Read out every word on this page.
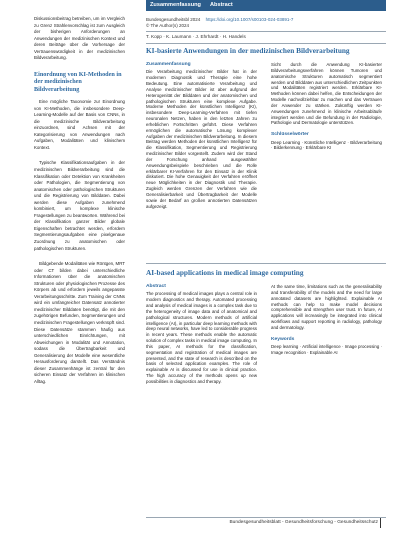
Diskussionsbeitrag betreiben, um im Vergleich zu Grenz Strahlenvorschlag ist zum Ausgleich der bisherigen Anforderungen an Anwendungen der medizinischen Kontext und deren Beiträge über die Vorhersage der Vertrauenswürdigkeit in der medizinischen Bildverarbeitung.

Einordnung von KI-Methoden in der medizinischen Bildverarbeitung

Eine mögliche Taxonomie zur Einordnung von KI-Methoden, die insbesondere Deep-Learning-Modelle auf der Basis von CNNs, in die medizinische Bildverarbeitung einzuordnen, sind Achsen mit der Kategorisierung von Anwendungen nach Aufgaben, Modalitäten und klinischem Kontext.

Typische Klassifikationsaufgaben in der medizinischen Bildverarbeitung sind die Klassifikation oder Detektion von Krankheiten oder Pathologien, die Segmentierung von anatomischen oder pathologischen Strukturen und die Registrierung von Bilddaten. Dabei werden diese Aufgaben zunehmend kombiniert, um komplexe klinische Fragestellungen zu beantworten. Während bei der Klassifikation ganzer Bilder globale Eigenschaften betrachtet werden, erfordern Segmentierungsaufgaben eine pixelgenaue Zuordnung zu anatomischen oder pathologischen Strukturen.

Bildgebende Modalitäten wie Röntgen, MRT oder CT bilden dabei unterschiedliche Informationen über die anatomischen Strukturen oder physiologischen Prozesse des Körpers ab und erfordern jeweils angepasste Verarbeitungsschritte. Zum Training der CNNs wird ein umfangreicher Datensatz annotierter medizinischer Bilddaten benötigt, die mit den zugehörigen Befunden, Segmentierungen und medizinischen Fragestellungen verknüpft sind. Diese Datensätze stammen häufig aus unterschiedlichen Einrichtungen, mit Abweichungen in Modalität und Annotation, sodass die Übertragbarkeit und Generalisierung der Modelle eine wesentliche Herausforderung darstellt. Das Verständnis dieser Zusammenhänge ist zentral für den sicheren Einsatz der Verfahren im klinischen Alltag.

Zusammenfassung Abstract
Bundesgesundheitsbl 2024 https://doi.org/10.1007/s00103-024-03891-7
© The Author(s) 2024
T. Kopp · K. Laumann · J. Ehrhardt · H. Handels
KI-basierte Anwendungen in der medizinischen Bildverarbeitung
Zusammenfassung

Die Verarbeitung medizinischer Bilder hat in der modernen Diagnostik und Therapie eine hohe Bedeutung. Eine automatisierte Verarbeitung und Analyse medizinischer Bilder ist aber aufgrund der Heterogenität der Bilddaten und der anatomischen und pathologischen Strukturen eine komplexe Aufgabe. Moderne Methoden der künstlichen Intelligenz (KI), insbesondere Deep-Learning-Verfahren mit tiefen neuronalen Netzen, haben in den letzten Jahren zu erheblichen Fortschritten geführt. Diese Verfahren ermöglichen die automatische Lösung komplexer Aufgaben der medizinischen Bildverarbeitung. In diesem Beitrag werden Methoden der künstlichen Intelligenz für die Klassifikation, Segmentierung und Registrierung medizinischer Bilder vorgestellt. Zudem wird der Stand der Forschung anhand ausgewählter Anwendungsbeispiele beschrieben und die Rolle erklärbarer KI-Verfahren für den Einsatz in der Klinik diskutiert. Die hohe Genauigkeit der Verfahren eröffnet neue Möglichkeiten in der Diagnostik und Therapie. Zugleich werden Grenzen der Verfahren wie die Generalisierbarkeit und Übertragbarkeit der Modelle sowie der Bedarf an großen annotierten Datensätzen aufgezeigt.

Sicht durch die Anwendung KI-basierter Bildverarbeitungsverfahren können Tumoren und anatomische Strukturen automatisch segmentiert werden und Bilddaten aus unterschiedlichen Zeitpunkten und Modalitäten registriert werden. Erklärbare KI-Methoden können dabei helfen, die Entscheidungen der Modelle nachvollziehbar zu machen und das Vertrauen der Anwender zu stärken. Zukünftig werden KI-Anwendungen zunehmend in klinische Arbeitsabläufe integriert werden und die Befundung in der Radiologie, Pathologie und Dermatologie unterstützen.

Schlüsselwörter

Deep Learning · Künstliche Intelligenz · Bildverarbeitung · Bilderkennung · Erklärbare KI

AI-based applications in medical image computing
Abstract

The processing of medical images plays a central role in modern diagnostics and therapy. Automated processing and analysis of medical images is a complex task due to the heterogeneity of image data and of anatomical and pathological structures. Modern methods of artificial intelligence (AI), in particular deep learning methods with deep neural networks, have led to considerable progress in recent years. These methods enable the automatic solution of complex tasks in medical image computing. In this paper, AI methods for the classification, segmentation and registration of medical images are presented, and the state of research is described on the basis of selected application examples. The role of explainable AI is discussed for use in clinical practice. The high accuracy of the methods opens up new possibilities in diagnostics and therapy.

At the same time, limitations such as the generalisability and transferability of the models and the need for large annotated datasets are highlighted. Explainable AI methods can help to make model decisions comprehensible and strengthen user trust. In future, AI applications will increasingly be integrated into clinical workflows and support reporting in radiology, pathology and dermatology.

Keywords

Deep learning · Artificial intelligence · Image processing · Image recognition · Explainable AI

Bundesgesundheitsblatt - Gesundheitsforschung - Gesundheitsschutz
